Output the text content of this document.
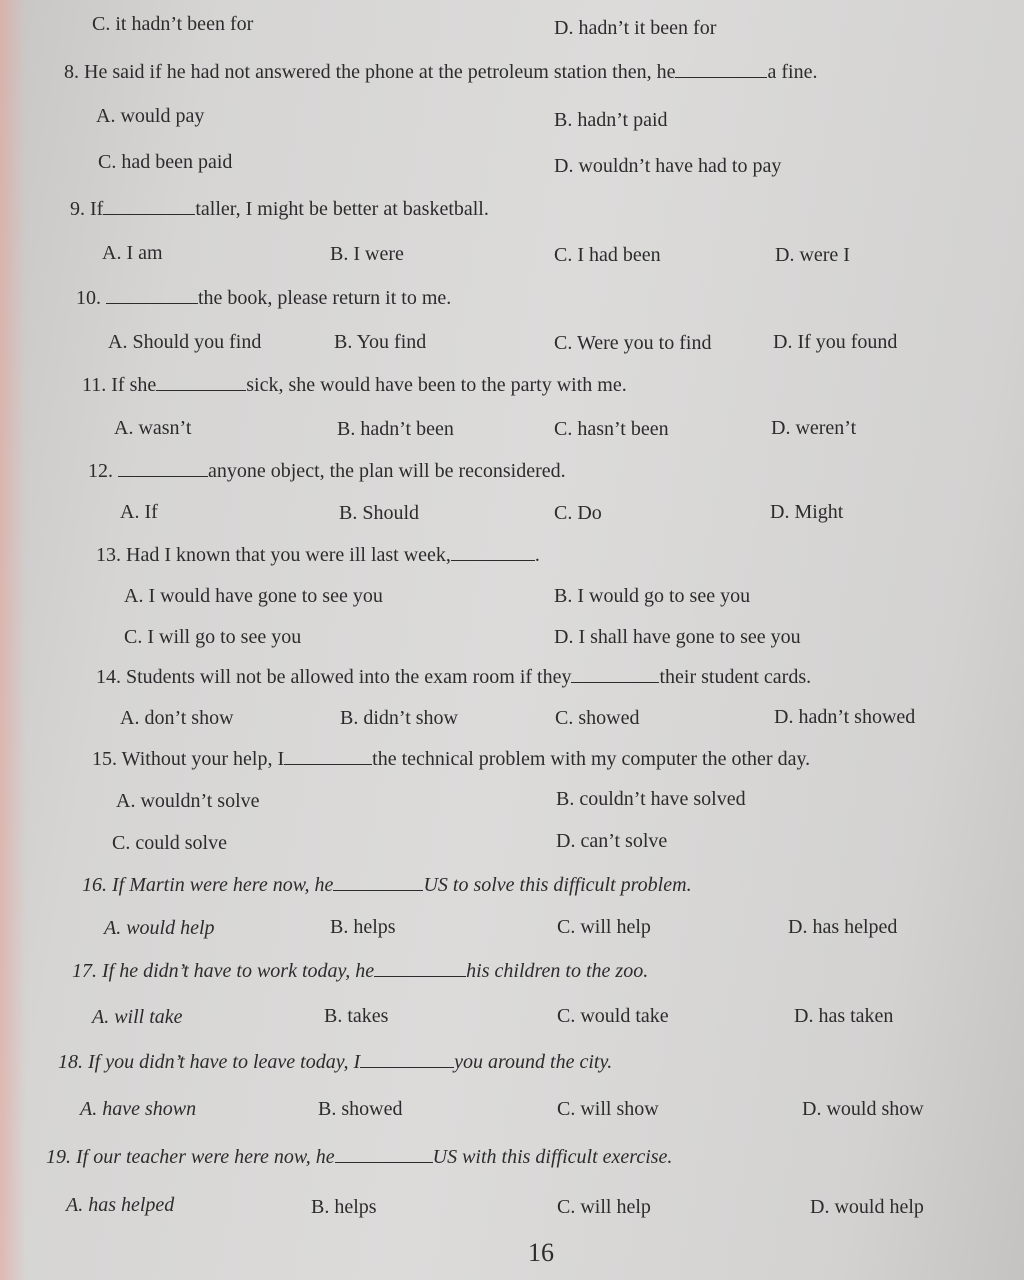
C. it hadn’t been for	D. hadn’t it been for
8. He said if he had not answered the phone at the petroleum station then, he	a fine.
A. would pay	B. hadn’t paid
C. had been paid	D. wouldn’t have had to pay
9. If	taller, I might be better at basketball.
A. I am	B. I were	C. I had been	D. were I
10.	the book, please return it to me.
A. Should you find	B. You find	C. Were you to find	D. If you found
11. If she	sick, she would have been to the party with me.
A. wasn’t	B. hadn’t been	C. hasn’t been	D. weren’t
12.	anyone object, the plan will be reconsidered.
A. If	B. Should	C. Do	D. Might
13. Had I known that you were ill last week,	.
A. I would have gone to see you	B. I would go to see you
C. I will go to see you	D. I shall have gone to see you
14. Students will not be allowed into the exam room if they	their student cards.
A. don’t show	B. didn’t show	C. showed	D. hadn’t showed
15. Without your help, I	the technical problem with my computer the other day.
A. wouldn’t solve	B. couldn’t have solved
C. could solve	D. can’t solve
16. If Martin were here now, he	US to solve this difficult problem.
A. would help	B. helps	C. will help	D. has helped
17. If he didn’t have to work today, he	his children to the zoo.
A. will take	B. takes	C. would take	D. has taken
18. If you didn’t have to leave today, I	you around the city.
A. have shown	B. showed	C. will show	D. would show
19. If our teacher were here now, he	US with this difficult exercise.
A. has helped	B. helps	C. will help	D. would help
16
